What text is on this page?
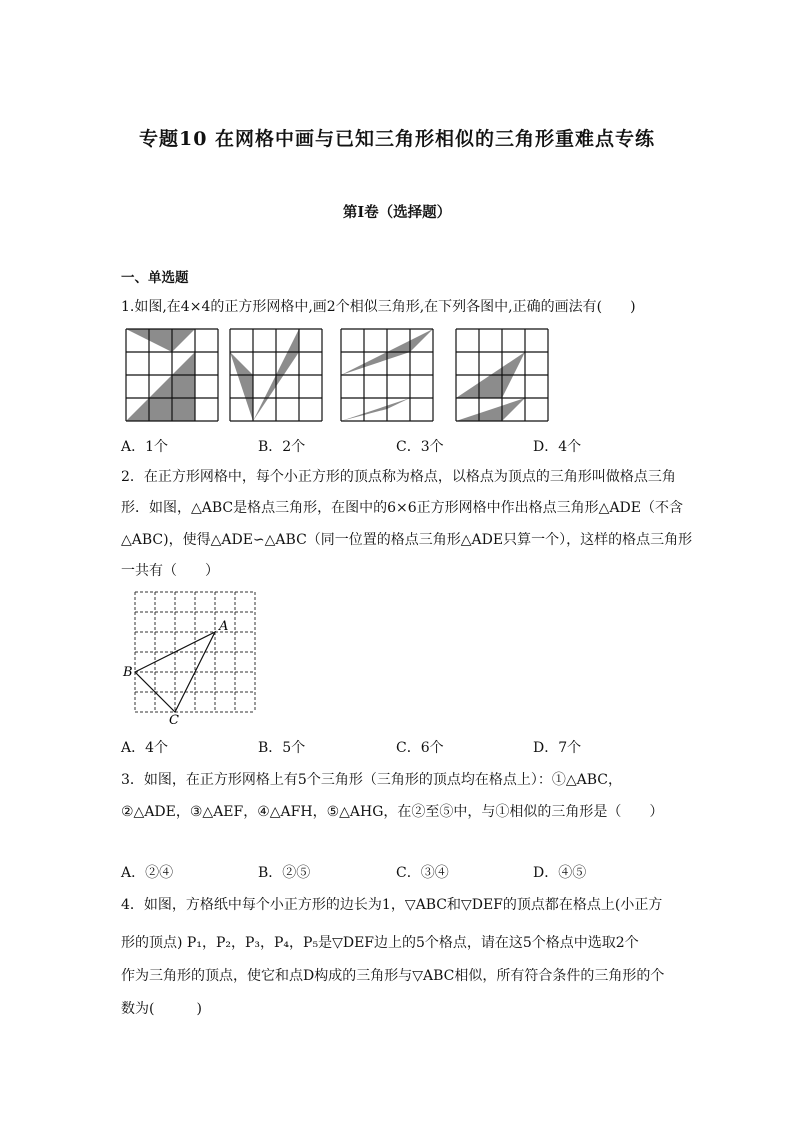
专题10 在网格中画与已知三角形相似的三角形重难点专练
第Ⅰ卷（选择题）
一、单选题
1.如图,在4×4的正方形网格中,画2个相似三角形,在下列各图中,正确的画法有(　　)
A．1个	B．2个	C．3个	D．4个
2．在正方形网格中，每个小正方形的顶点称为格点，以格点为顶点的三角形叫做格点三角
形．如图，△ABC是格点三角形，在图中的6×6正方形网格中作出格点三角形△ADE（不含
△ABC)，使得△ADE∽△ABC（同一位置的格点三角形△ADE只算一个），这样的格点三角形
一共有（　　）
A
B
C
A．4个	B．5个	C．6个	D．7个
3．如图，在正方形网格上有5个三角形（三角形的顶点均在格点上）：①△ABC，
②△ADE，③△AEF，④△AFH，⑤△AHG，在②至⑤中，与①相似的三角形是（　　）
A．②④	B．②⑤	C．③④	D．④⑤
4．如图，方格纸中每个小正方形的边长为1，▽ABC和▽DEF的顶点都在格点上(小正方
形的顶点) P₁，P₂，P₃，P₄，P₅是▽DEF边上的5个格点，请在这5个格点中选取2个
作为三角形的顶点，使它和点D构成的三角形与▽ABC相似，所有符合条件的三角形的个
数为(　　　)
